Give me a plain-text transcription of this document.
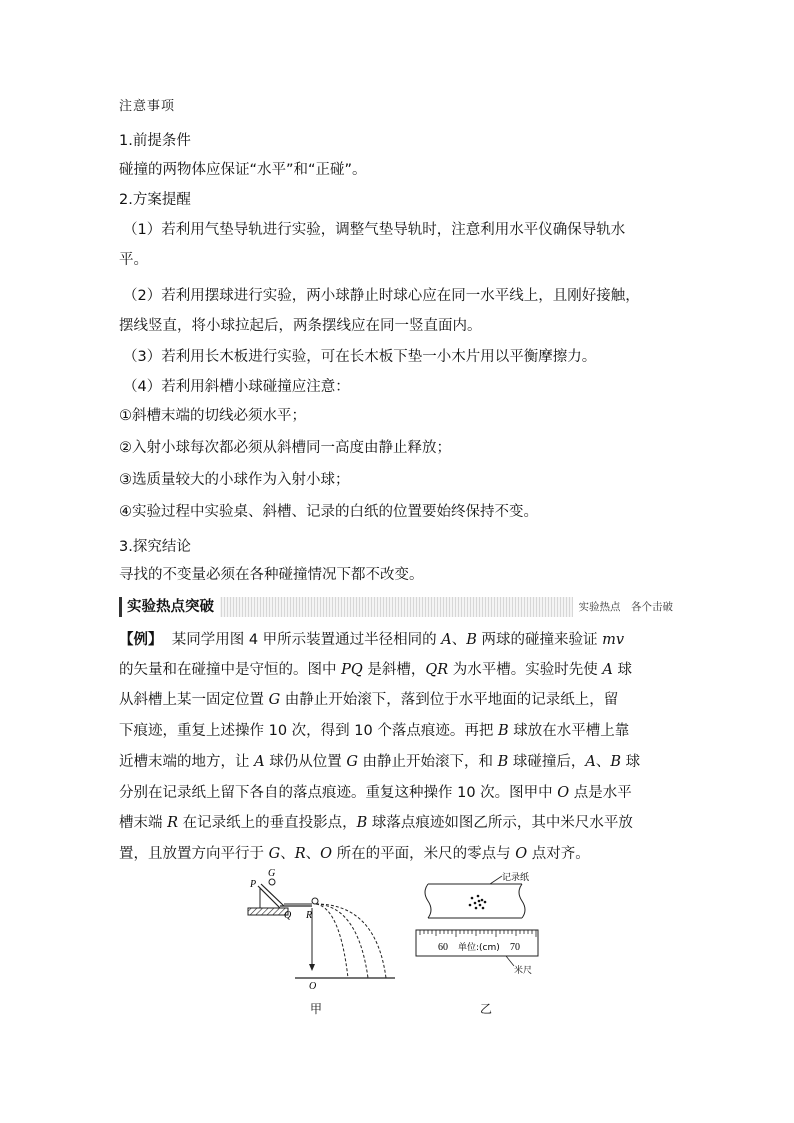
注意事项
1.前提条件
碰撞的两物体应保证“水平”和“正碰”。
2.方案提醒
（1）若利用气垫导轨进行实验，调整气垫导轨时，注意利用水平仪确保导轨水
平。
（2）若利用摆球进行实验，两小球静止时球心应在同一水平线上，且刚好接触，
摆线竖直，将小球拉起后，两条摆线应在同一竖直面内。
（3）若利用长木板进行实验，可在长木板下垫一小木片用以平衡摩擦力。
（4）若利用斜槽小球碰撞应注意：
①斜槽末端的切线必须水平；
②入射小球每次都必须从斜槽同一高度由静止释放；
③选质量较大的小球作为入射小球；
④实验过程中实验桌、斜槽、记录的白纸的位置要始终保持不变。
3.探究结论
寻找的不变量必须在各种碰撞情况下都不改变。
实验热点突破	实验热点　各个击破
【例】 某同学用图 4 甲所示装置通过半径相同的 A、B 两球的碰撞来验证 mv
的矢量和在碰撞中是守恒的。图中 PQ 是斜槽，QR 为水平槽。实验时先使 A 球
从斜槽上某一固定位置 G 由静止开始滚下，落到位于水平地面的记录纸上，留
下痕迹，重复上述操作 10 次，得到 10 个落点痕迹。再把 B 球放在水平槽上靠
近槽末端的地方，让 A 球仍从位置 G 由静止开始滚下，和 B 球碰撞后，A、B 球
分别在记录纸上留下各自的落点痕迹。重复这种操作 10 次。图甲中 O 点是水平
槽末端 R 在记录纸上的垂直投影点，B 球落点痕迹如图乙所示，其中米尺水平放
置，且放置方向平行于 G、R、O 所在的平面，米尺的零点与 O 点对齐。
P
G
Q R
O
甲
60 单位:(cm) 70
记录纸
米尺
乙
